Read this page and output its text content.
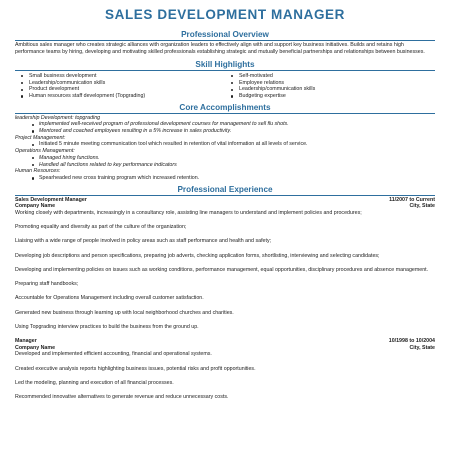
SALES DEVELOPMENT MANAGER
Professional Overview

Ambitious sales manager who creates strategic alliances with organization leaders to effectively align with and support key business initiatives. Builds and retains high performance teams by hiring, developing and motivating skilled professionals establishing strategic and mutually beneficial partnerships and relationships between businesses.

Skill Highlights
Small business development
Leadership/communication skills
Product development
Human resources staff development (Topgrading)
Self-motivated
Employee relations
Leadership/communication skills
Budgeting expertise
Core Accomplishments
leadership Development: topgrading
implemented well-received program of professional development courses for management to sell flu shots.
Mentored and coached employees resulting in a 5% increase in sales productivity.
Project Management:
Initiated 5 minute meeting communication tool which resulted in retention of vital information at all levels of service.
Operations Management:
Managed hiring functions.
Handled all functions related to key performance indicators
Human Resources:
Spearheaded new cross training program which increased retention.
Professional Experience
Sales Development Manager	11/2007 to Current
Company Name	City, State

Working closely with departments, increasingly in a consultancy role, assisting line managers to understand and implement policies and procedures;

Promoting equality and diversity as part of the culture of the organization;

Liaising with a wide range of people involved in policy areas such as staff performance and health and safety;

Developing job descriptions and person specifications, preparing job adverts, checking application forms, shortlisting, interviewing and selecting candidates;

Developing and implementing policies on issues such as working conditions, performance management, equal opportunities, disciplinary procedures and absence management.

Preparing staff handbooks;

Accountable for Operations Management including overall customer satisfaction.

Generated new business through learning up with local neighborhood churches and charities.

Using Topgrading interview practices to build the business from the ground up.

Manager	10/1998 to 10/2004
Company Name	City, State

Developed and implemented efficient accounting, financial and operational systems.

Created executive analysis reports highlighting business issues, potential risks and profit opportunities.

Led the modeling, planning and execution of all financial processes.

Recommended innovative alternatives to generate revenue and reduce unnecessary costs.
